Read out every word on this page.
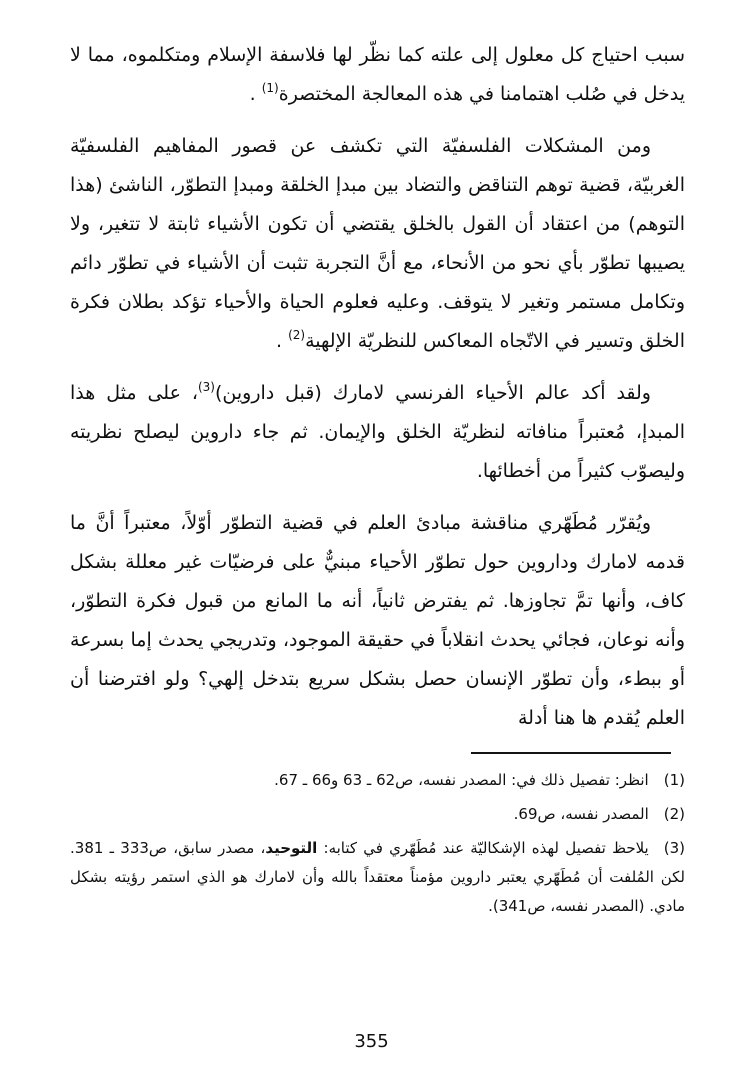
سبب احتياج كل معلول إلى علته كما نظّر لها فلاسفة الإسلام ومتكلموه، مما لا يدخل في صُلب اهتمامنا في هذه المعالجة المختصرة$^{(1)}$ .

ومن المشكلات الفلسفيّة التي تكشف عن قصور المفاهيم الفلسفيّة الغربيّة، قضية توهم التناقض والتضاد بين مبدإ الخلقة ومبدإ التطوّر، الناشئ (هذا التوهم) من اعتقاد أن القول بالخلق يقتضي أن تكون الأشياء ثابتة لا تتغير، ولا يصيبها تطوّر بأي نحو من الأنحاء، مع أنَّ التجربة تثبت أن الأشياء في تطوّر دائم وتكامل مستمر وتغير لا يتوقف. وعليه فعلوم الحياة والأحياء تؤكد بطلان فكرة الخلق وتسير في الاتّجاه المعاكس للنظريّة الإلهية$^{(2)}$ .

ولقد أكد عالم الأحياء الفرنسي لامارك (قبل داروين)$^{(3)}$، على مثل هذا المبدإ، مُعتبراً منافاته لنظريّة الخلق والإيمان. ثم جاء داروين ليصلح نظريته وليصوّب كثيراً من أخطائها.

ويُقرّر مُطَهّري مناقشة مبادئ العلم في قضية التطوّر أوّلاً، معتبراً أنَّ ما قدمه لامارك وداروين حول تطوّر الأحياء مبنيٌّ على فرضيّات غير معللة بشكل كاف، وأنها تمَّ تجاوزها. ثم يفترض ثانياً، أنه ما المانع من قبول فكرة التطوّر، وأنه نوعان، فجائي يحدث انقلاباً في حقيقة الموجود، وتدريجي يحدث إما بسرعة أو ببطء، وأن تطوّر الإنسان حصل بشكل سريع بتدخل إلهي؟ ولو افترضنا أن العلم يُقدم ها هنا أدلة

(1)انظر: تفصيل ذلك في: المصدر نفسه، ص62 ـ 63 و66 ـ 67.

(2)المصدر نفسه، ص69.

(3)يلاحظ تفصيل لهذه الإشكاليّة عند مُطَهّري في كتابه: التوحيد، مصدر سابق، ص333 ـ 381. لكن المُلفت أن مُطَهّري يعتبر داروين مؤمناً معتقداً بالله وأن لامارك هو الذي استمر رؤيته بشكل مادي. (المصدر نفسه، ص341).

355
